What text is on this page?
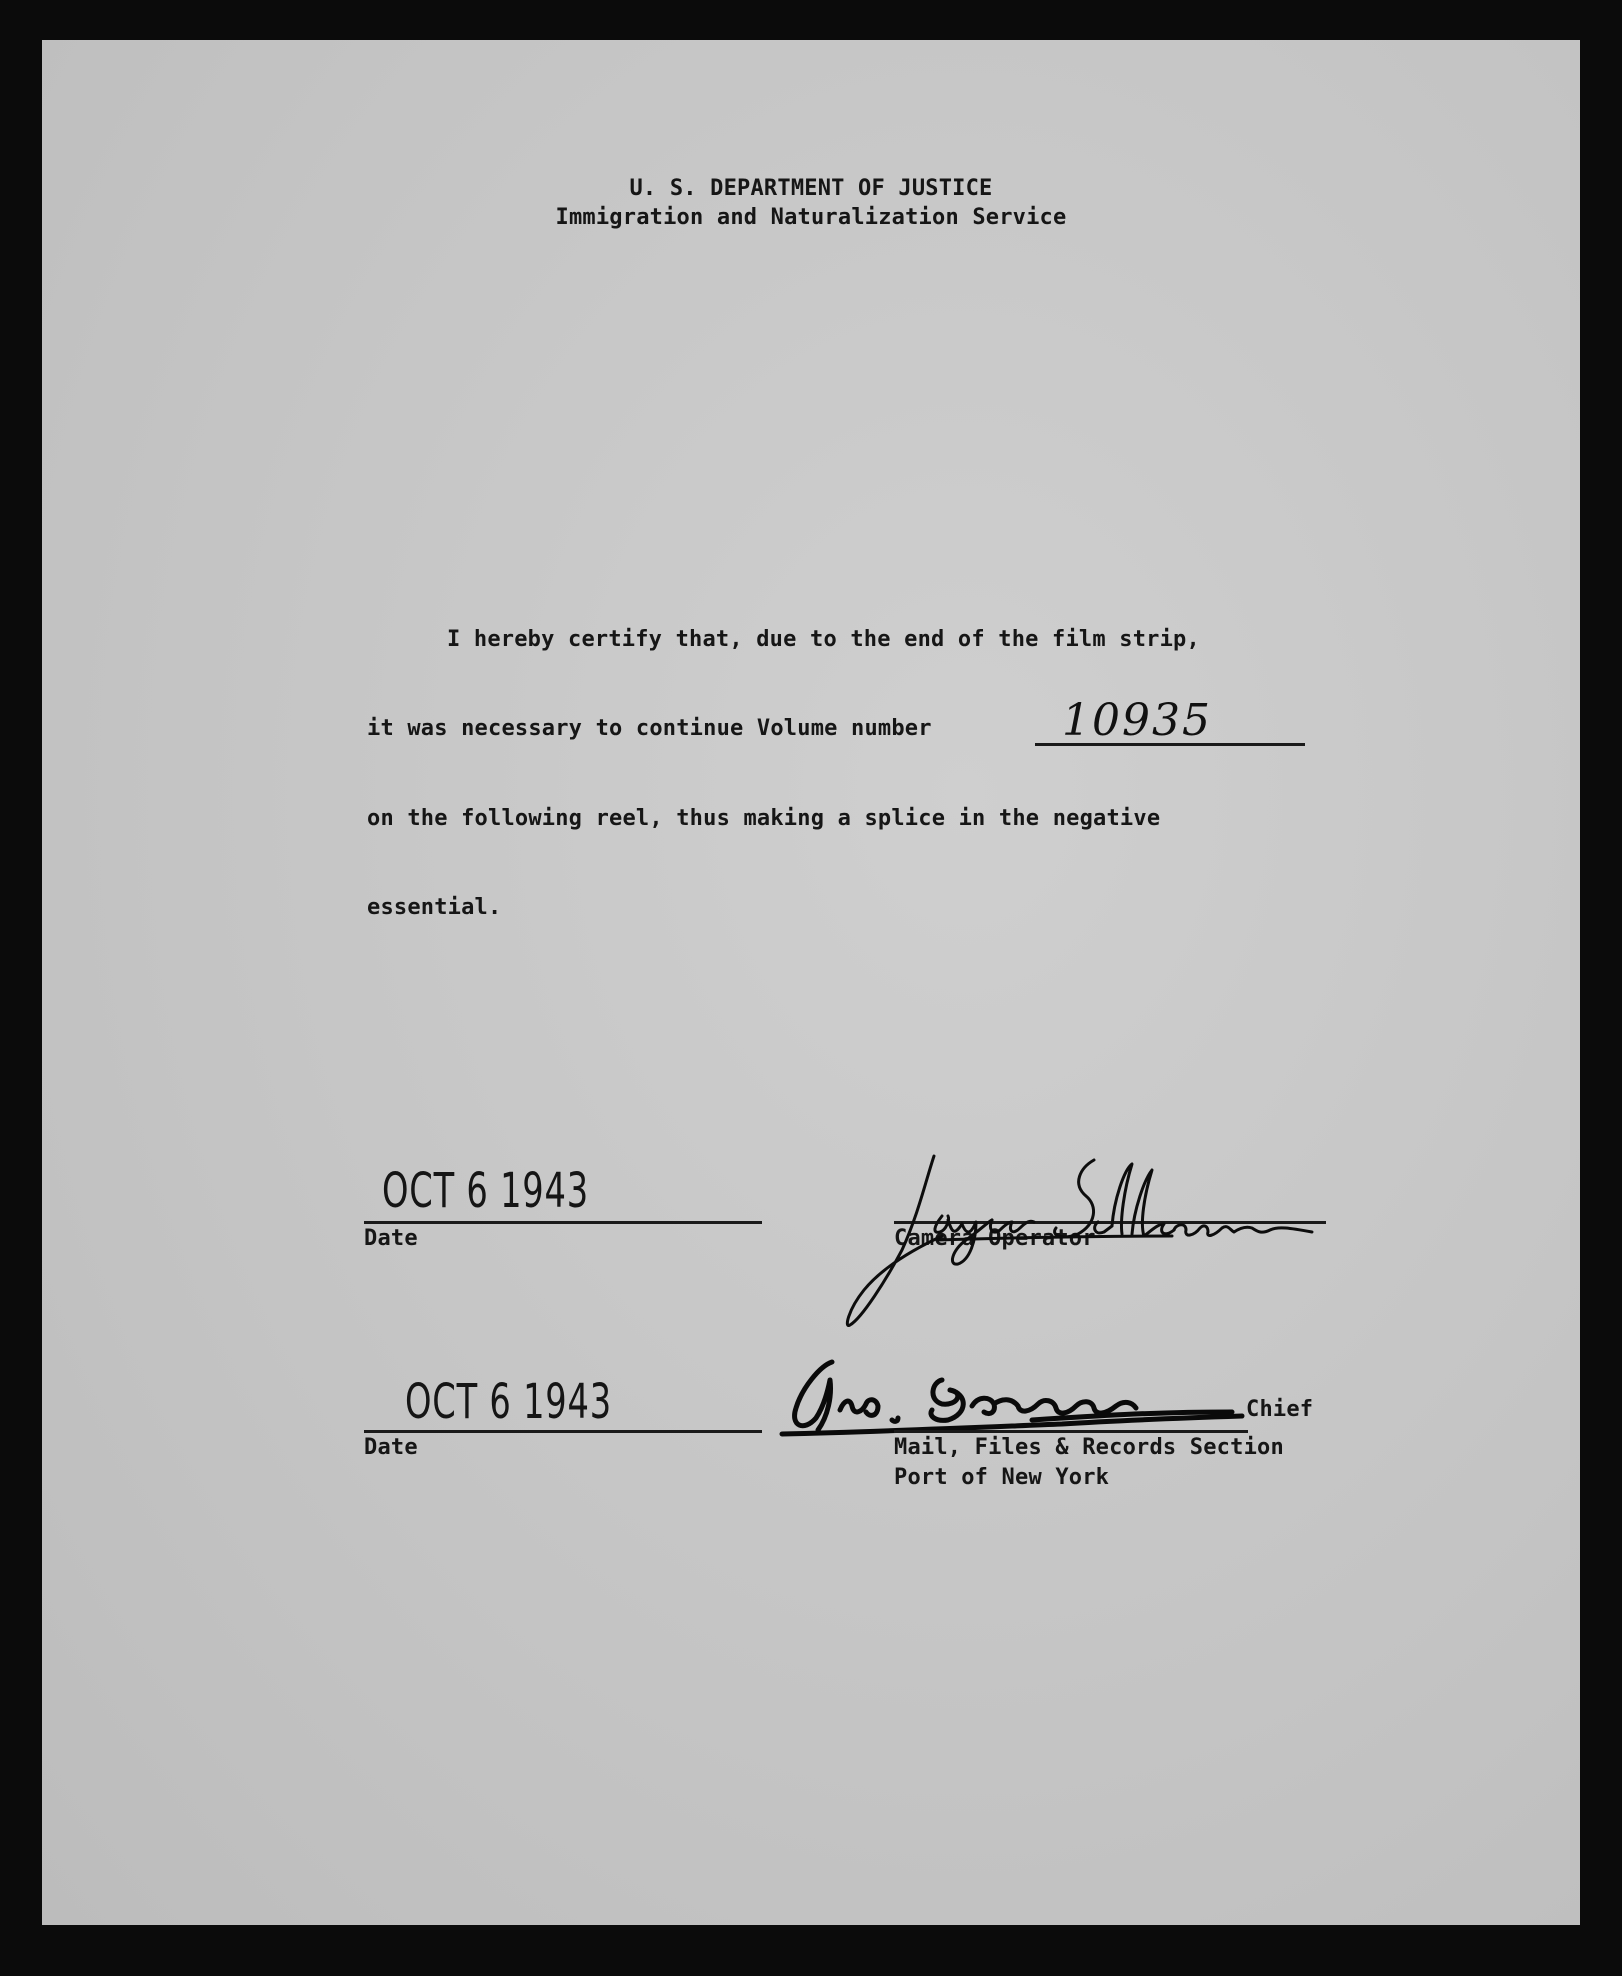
U. S. DEPARTMENT OF JUSTICE
Immigration and Naturalization Service
I hereby certify that, due to the end of the film strip,
it was necessary to continue Volume number	10935
on the following reel, thus making a splice in the negative
essential.
OCT 6 1943
Date	Camera Operator
OCT 6 1943
Date
Chief
Mail, Files & Records Section
Port of New York
